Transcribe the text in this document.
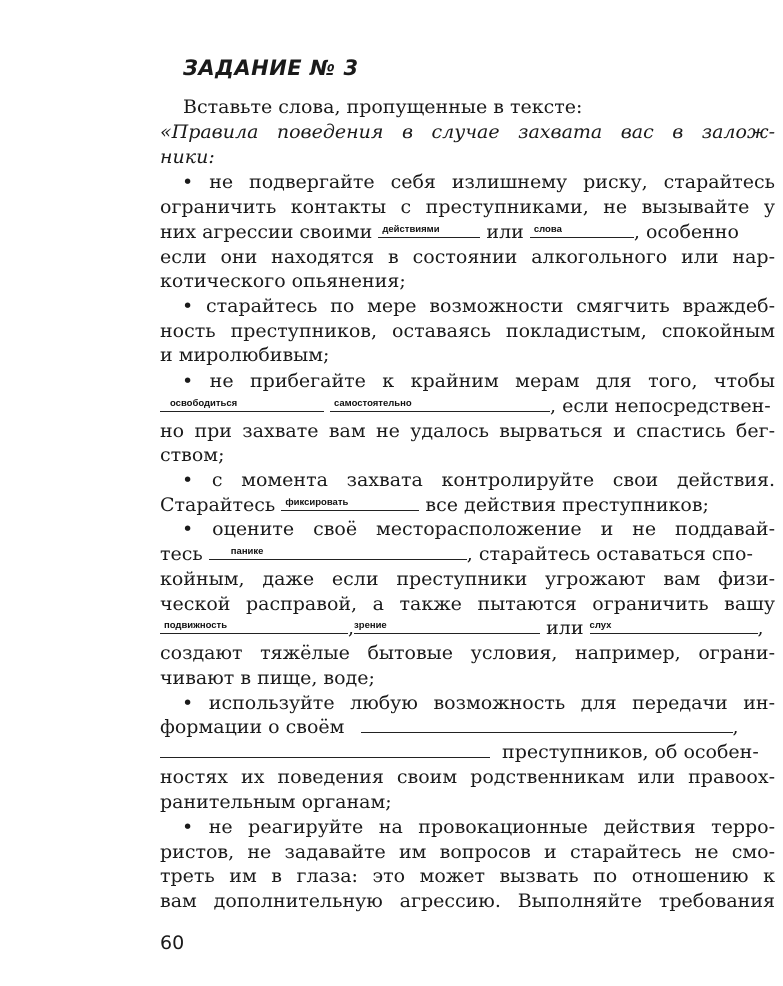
ЗАДАНИЕ № 3
Вставьте слова, пропущенные в тексте:
«Правила поведения в случае захвата вас в залож-
ники:
• не подвергайте себя излишнему риску, старайтесь
ограничить контакты с преступниками, не вызывайте у
них агрессии своими действиями или слова	, особенно
если они находятся в состоянии алкогольного или нар-
котического опьянения;
• старайтесь по мере возможности смягчить враждеб-
ность преступников, оставаясь покладистым, спокойным
и миролюбивым;
• не прибегайте к крайним мерам для того, чтобы
освободиться	самостоятельно	, если непосредствен-
но при захвате вам не удалось вырваться и спастись бег-
ством;
• с момента захвата контролируйте свои действия.
Старайтесь фиксировать	все действия преступников;
• оцените своё месторасположение и не поддавай-
тесь	панике	, старайтесь оставаться спо-
койным, даже если преступники угрожают вам физи-
ческой расправой, а также пытаются ограничить вашу
подвижность	, зрение	или слух	,
создают тяжёлые бытовые условия, например, ограни-
чивают в пище, воде;
• используйте любую возможность для передачи ин-
формации о своём	,
преступников, об особен-
ностях их поведения своим родственникам или правоох-
ранительным органам;
• не реагируйте на провокационные действия терро-
ристов, не задавайте им вопросов и старайтесь не смо-
треть им в глаза: это может вызвать по отношению к
вам дополнительную агрессию. Выполняйте требования
60
